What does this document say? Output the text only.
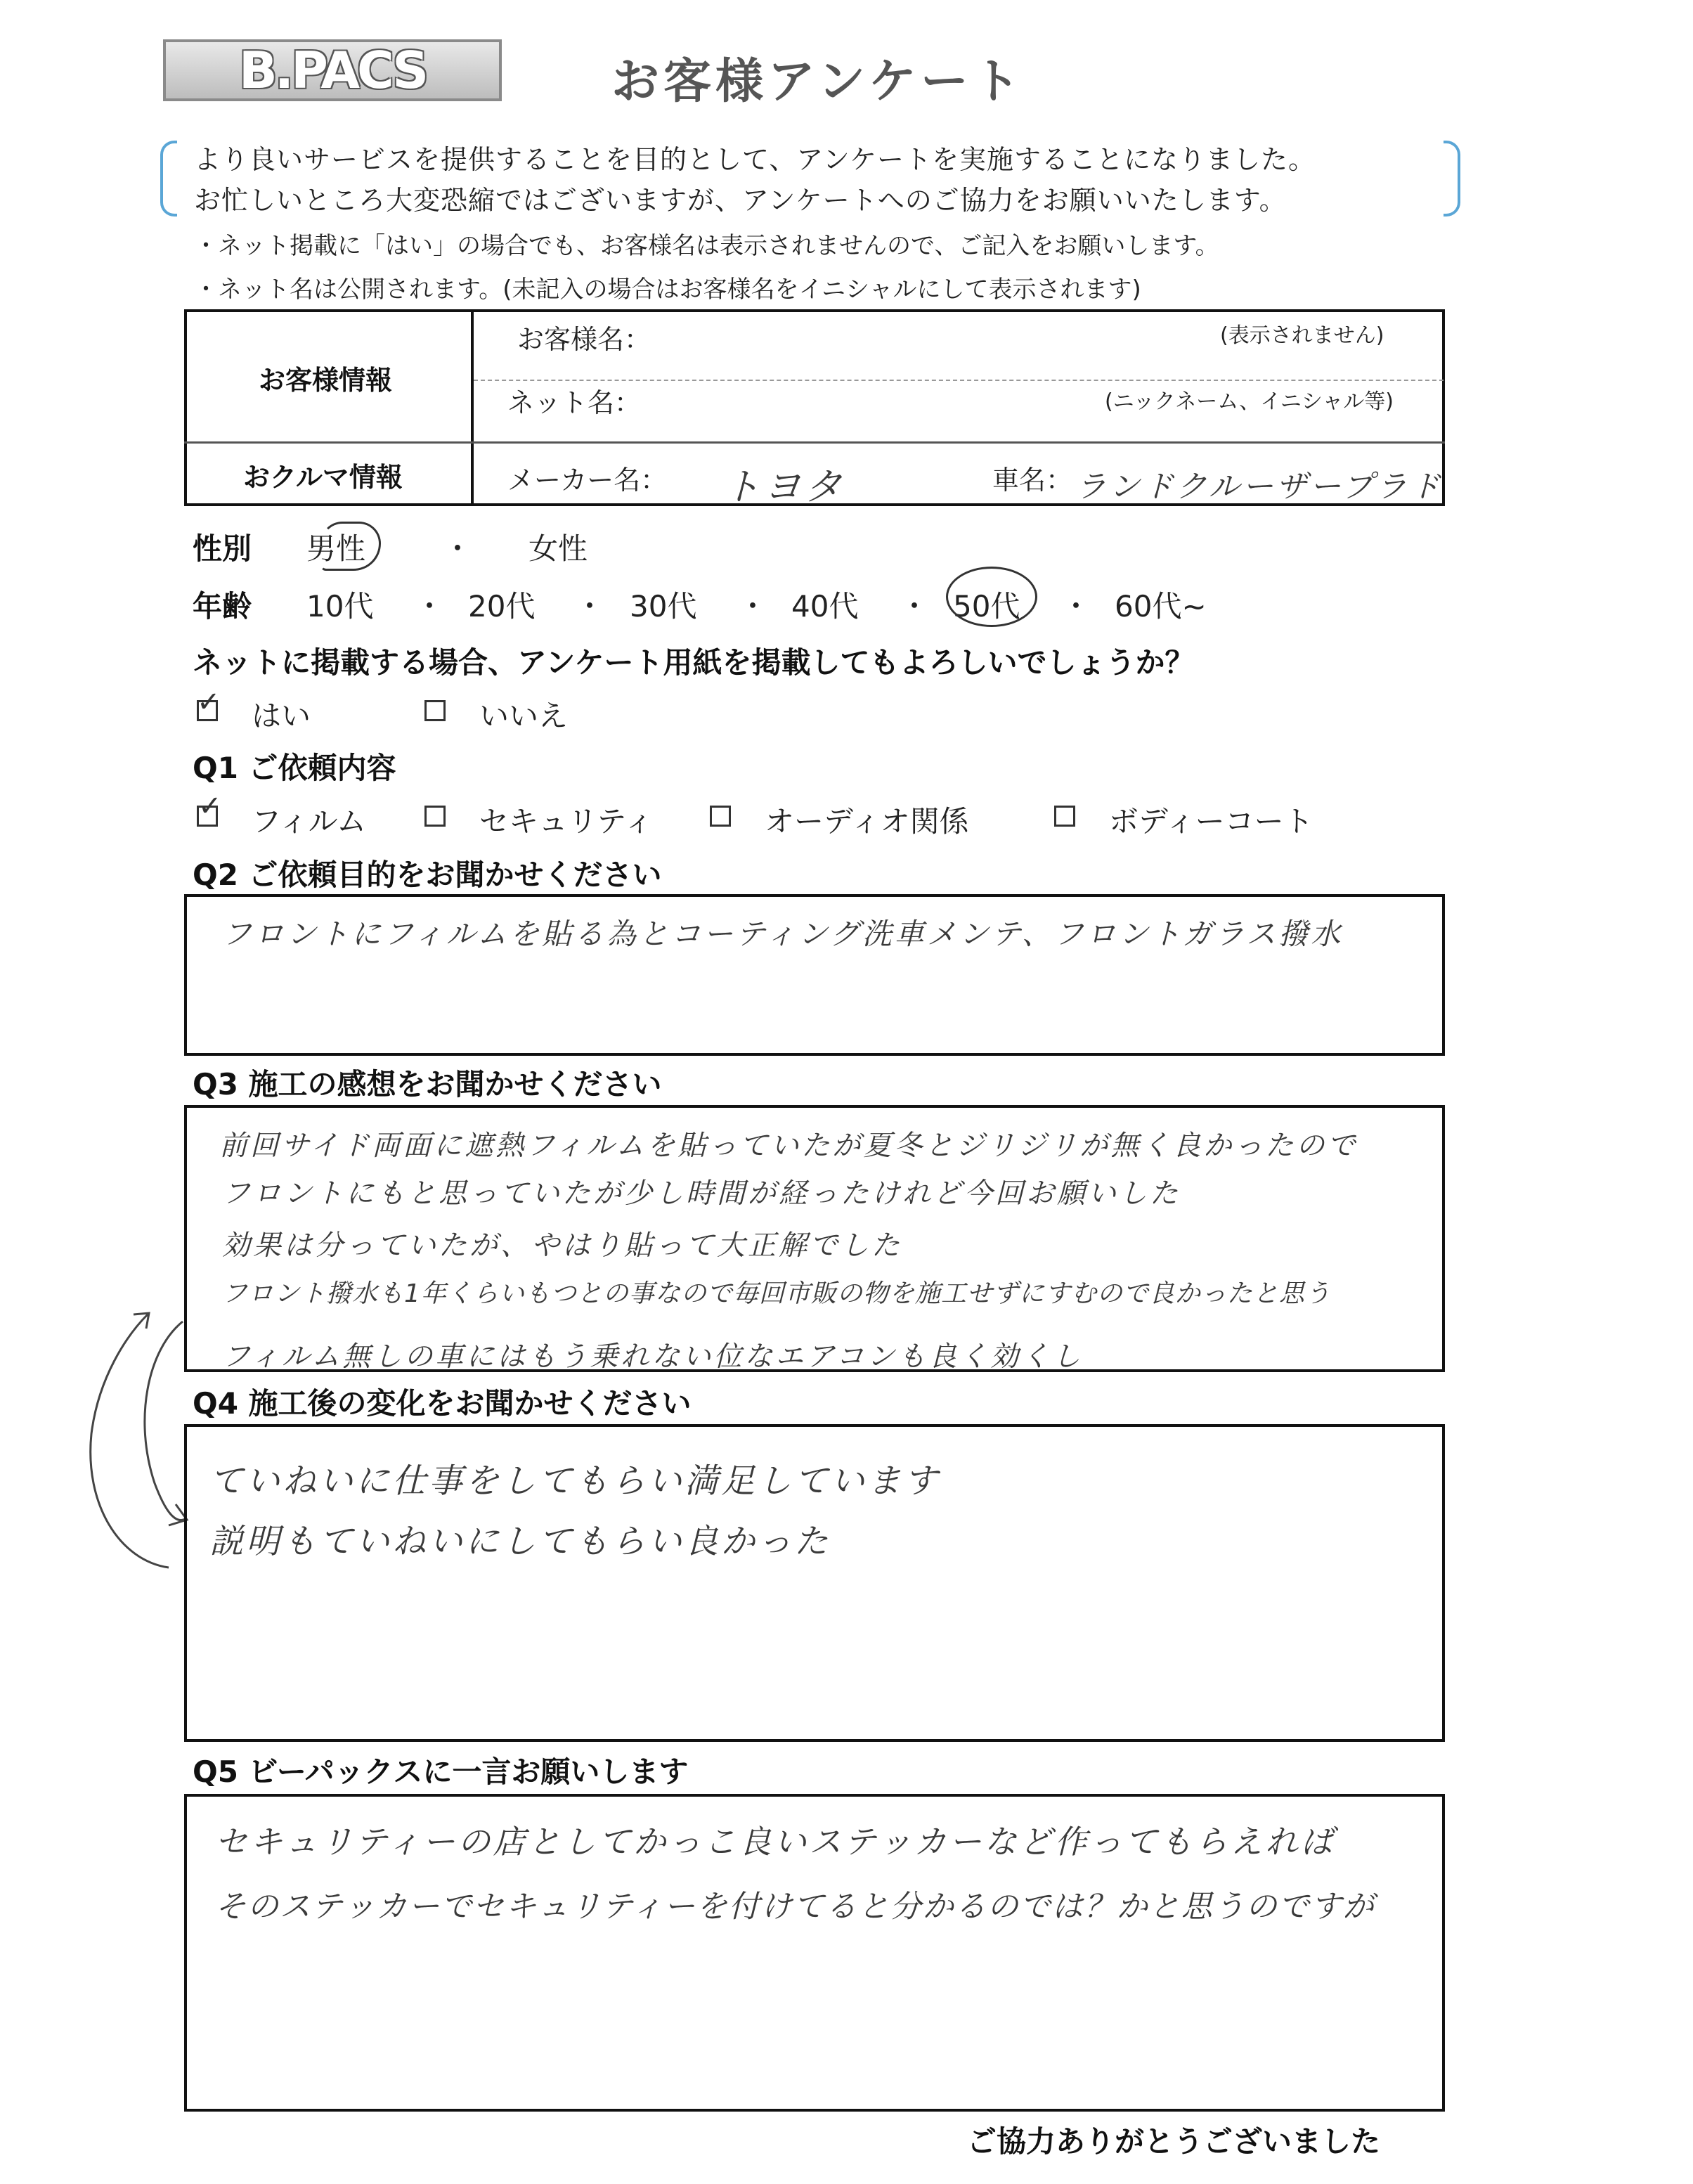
B.PACS	お客様アンケート
より良いサービスを提供することを目的として、アンケートを実施することになりました。
お忙しいところ大変恐縮ではございますが、アンケートへのご協力をお願いいたします。
・ネット掲載に「はい」の場合でも、お客様名は表示されませんので、ご記入をお願いします。
・ネット名は公開されます。(未記入の場合はお客様名をイニシャルにして表示されます)
お客様情報
お客様名：	(表示されません)
ネット名：	(ニックネーム、イニシャル等)
おクルマ情報	メーカー名： トヨタ	車名： ランドクルーザープラド
性別 男性	・ 女性
年齢 10代 ・ 20代 ・ 30代 ・ 40代 ・ 50代 ・ 60代~
ネットに掲載する場合、アンケート用紙を掲載してもよろしいでしょうか？
✓ はい	いいえ
Q1 ご依頼内容
✓ フィルム	セキュリティ	オーディオ関係	ボディーコート
Q2 ご依頼目的をお聞かせください
フロントにフィルムを貼る為とコーティング洗車メンテ、フロントガラス撥水
Q3 施工の感想をお聞かせください
前回サイド両面に遮熱フィルムを貼っていたが夏冬とジリジリが無く良かったので
フロントにもと思っていたが少し時間が経ったけれど今回お願いした
効果は分っていたが、やはり貼って大正解でした
フロント撥水も1年くらいもつとの事なので毎回市販の物を施工せずにすむので良かったと思う
フィルム無しの車にはもう乗れない位なエアコンも良く効くし
Q4 施工後の変化をお聞かせください
ていねいに仕事をしてもらい満足しています
説明もていねいにしてもらい良かった
Q5 ビーパックスに一言お願いします
セキュリティーの店としてかっこ良いステッカーなど作ってもらえれば
そのステッカーでセキュリティーを付けてると分かるのでは？かと思うのですが
ご協力ありがとうございました
